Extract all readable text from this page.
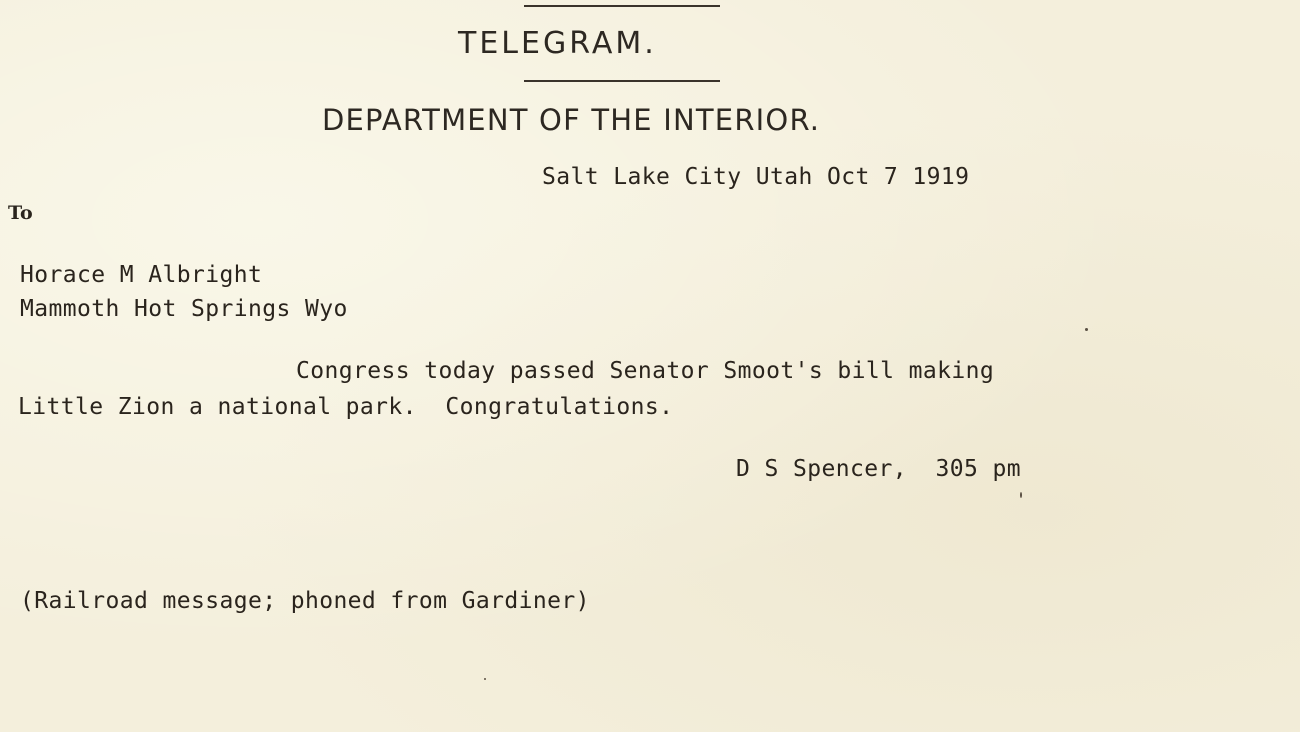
TELEGRAM.
DEPARTMENT OF THE INTERIOR.
Salt Lake City Utah Oct 7 1919
To
Horace M Albright
Mammoth Hot Springs Wyo
Congress today passed Senator Smoot's bill making
Little Zion a national park.  Congratulations.
D S Spencer,  305 pm
(Railroad message; phoned from Gardiner)
